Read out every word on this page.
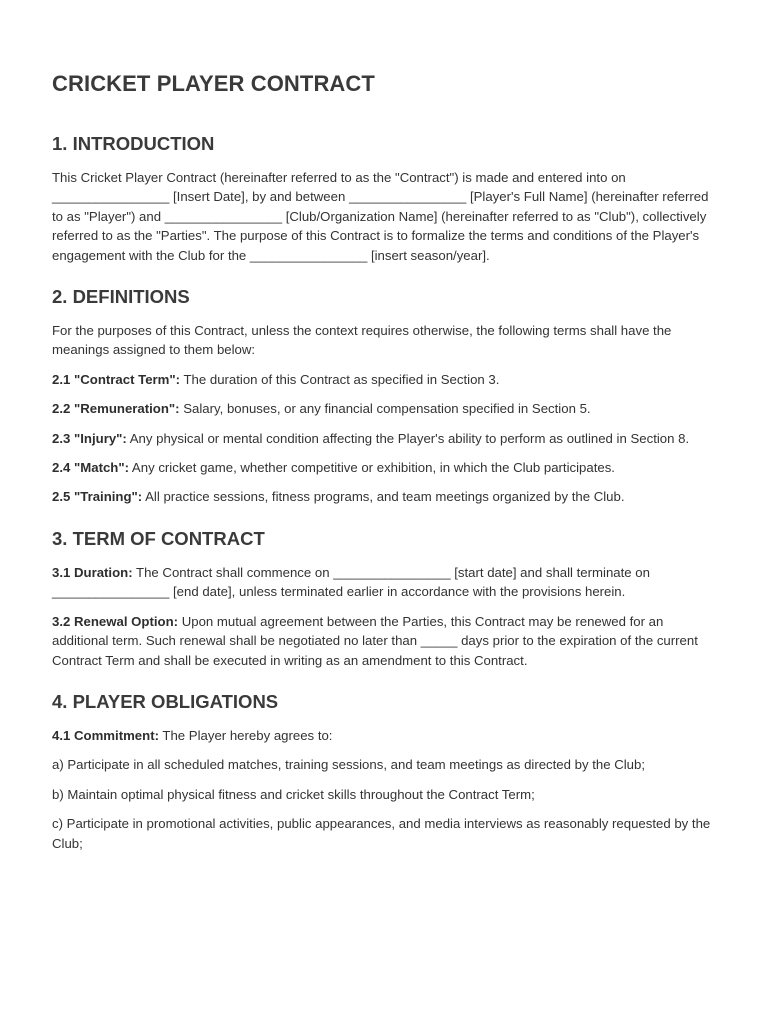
CRICKET PLAYER CONTRACT
1. INTRODUCTION

This Cricket Player Contract (hereinafter referred to as the "Contract") is made and entered into on ________________ [Insert Date], by and between ________________ [Player's Full Name] (hereinafter referred to as "Player") and ________________ [Club/Organization Name] (hereinafter referred to as "Club"), collectively referred to as the "Parties". The purpose of this Contract is to formalize the terms and conditions of the Player's engagement with the Club for the ________________ [insert season/year].

2. DEFINITIONS

For the purposes of this Contract, unless the context requires otherwise, the following terms shall have the meanings assigned to them below:

2.1 "Contract Term": The duration of this Contract as specified in Section 3.

2.2 "Remuneration": Salary, bonuses, or any financial compensation specified in Section 5.

2.3 "Injury": Any physical or mental condition affecting the Player's ability to perform as outlined in Section 8.

2.4 "Match": Any cricket game, whether competitive or exhibition, in which the Club participates.

2.5 "Training": All practice sessions, fitness programs, and team meetings organized by the Club.

3. TERM OF CONTRACT

3.1 Duration: The Contract shall commence on ________________ [start date] and shall terminate on ________________ [end date], unless terminated earlier in accordance with the provisions herein.

3.2 Renewal Option: Upon mutual agreement between the Parties, this Contract may be renewed for an additional term. Such renewal shall be negotiated no later than _____ days prior to the expiration of the current Contract Term and shall be executed in writing as an amendment to this Contract.

4. PLAYER OBLIGATIONS

4.1 Commitment: The Player hereby agrees to:

a) Participate in all scheduled matches, training sessions, and team meetings as directed by the Club;

b) Maintain optimal physical fitness and cricket skills throughout the Contract Term;

c) Participate in promotional activities, public appearances, and media interviews as reasonably requested by the Club;
